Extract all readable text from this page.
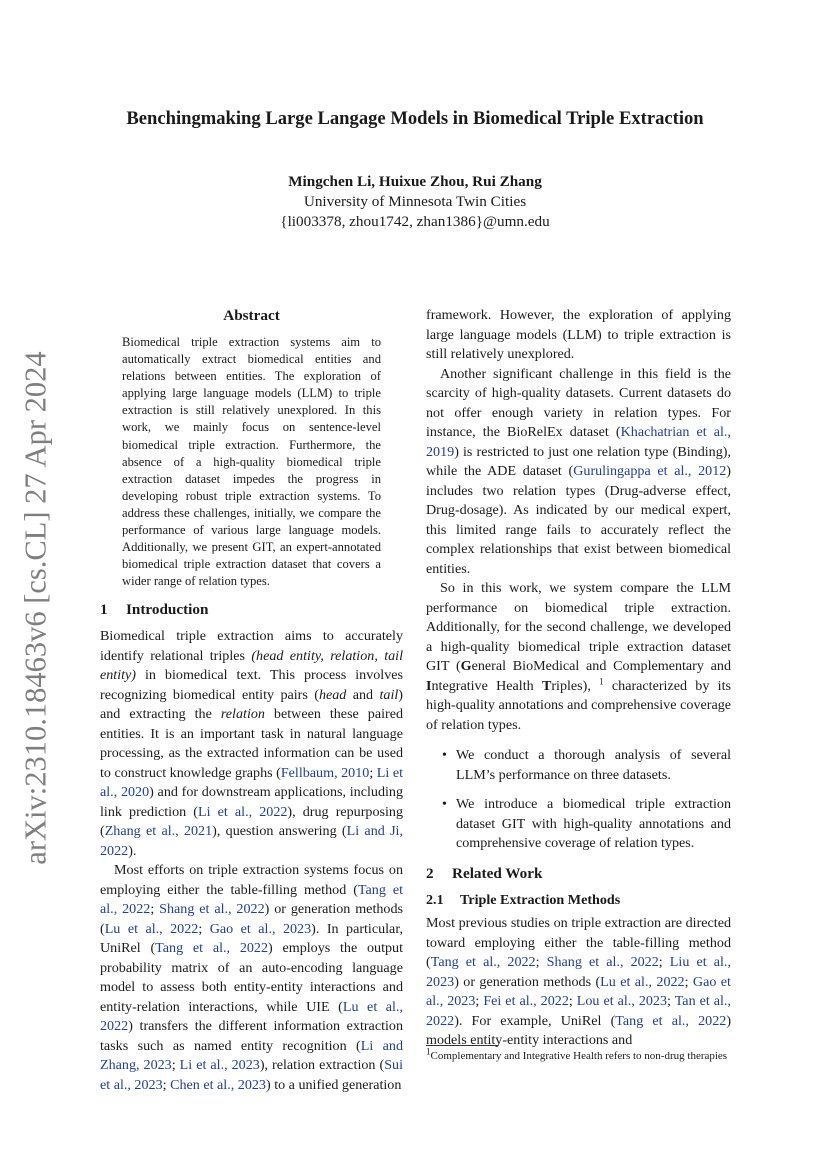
arXiv:2310.18463v6 [cs.CL] 27 Apr 2024
Benchingmaking Large Langage Models in Biomedical Triple Extraction
Mingchen Li, Huixue Zhou, Rui Zhang
University of Minnesota Twin Cities
{li003378, zhou1742, zhan1386}@umn.edu
Abstract

Biomedical triple extraction systems aim to automatically extract biomedical entities and relations between entities. The exploration of applying large language models (LLM) to triple extraction is still relatively unexplored. In this work, we mainly focus on sentence-level biomedical triple extraction. Furthermore, the absence of a high-quality biomedical triple extraction dataset impedes the progress in developing robust triple extraction systems. To address these challenges, initially, we compare the performance of various large language models. Additionally, we present GIT, an expert-annotated biomedical triple extraction dataset that covers a wider range of relation types.

1 Introduction

Biomedical triple extraction aims to accurately identify relational triples (head entity, relation, tail entity) in biomedical text. This process involves recognizing biomedical entity pairs (head and tail) and extracting the relation between these paired entities. It is an important task in natural language processing, as the extracted information can be used to construct knowledge graphs (Fellbaum, 2010; Li et al., 2020) and for downstream applications, including link prediction (Li et al., 2022), drug repurposing (Zhang et al., 2021), question answering (Li and Ji, 2022).

Most efforts on triple extraction systems focus on employing either the table-filling method (Tang et al., 2022; Shang et al., 2022) or generation methods (Lu et al., 2022; Gao et al., 2023). In particular, UniRel (Tang et al., 2022) employs the output probability matrix of an auto-encoding language model to assess both entity-entity interactions and entity-relation interactions, while UIE (Lu et al., 2022) transfers the different information extraction tasks such as named entity recognition (Li and Zhang, 2023; Li et al., 2023), relation extraction (Sui et al., 2023; Chen et al., 2023) to a unified generation

framework. However, the exploration of applying large language models (LLM) to triple extraction is still relatively unexplored.

Another significant challenge in this field is the scarcity of high-quality datasets. Current datasets do not offer enough variety in relation types. For instance, the BioRelEx dataset (Khachatrian et al., 2019) is restricted to just one relation type (Binding), while the ADE dataset (Gurulingappa et al., 2012) includes two relation types (Drug-adverse effect, Drug-dosage). As indicated by our medical expert, this limited range fails to accurately reflect the complex relationships that exist between biomedical entities.

So in this work, we system compare the LLM performance on biomedical triple extraction. Additionally, for the second challenge, we developed a high-quality biomedical triple extraction dataset GIT (General BioMedical and Complementary and Integrative Health Triples), $^1$ characterized by its high-quality annotations and comprehensive coverage of relation types.

• We conduct a thorough analysis of several LLM’s performance on three datasets.
• We introduce a biomedical triple extraction dataset GIT with high-quality annotations and comprehensive coverage of relation types.
2 Related Work
2.1 Triple Extraction Methods

Most previous studies on triple extraction are directed toward employing either the table-filling method (Tang et al., 2022; Shang et al., 2022; Liu et al., 2023) or generation methods (Lu et al., 2022; Gao et al., 2023; Fei et al., 2022; Lou et al., 2023; Tan et al., 2022). For example, UniRel (Tang et al., 2022) models entity-entity interactions and

$^1$Complementary and Integrative Health refers to non-drug therapies
